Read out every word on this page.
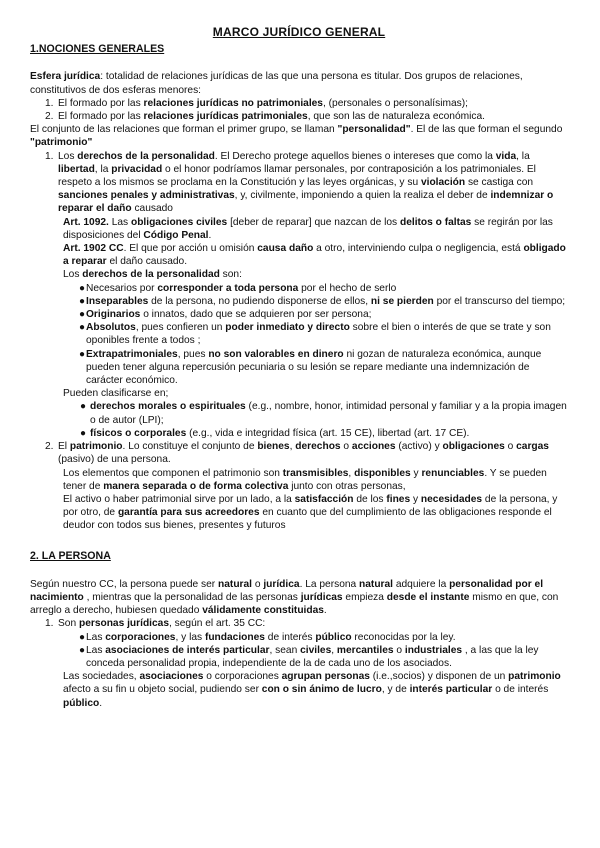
MARCO JURÍDICO GENERAL

1.NOCIONES GENERALES

Esfera jurídica: totalidad de relaciones jurídicas de las que una persona es titular. Dos grupos de relaciones, constitutivos de dos esferas menores:

1. El formado por las relaciones jurídicas no patrimoniales, (personales o personalísimas);
2. El formado por las relaciones jurídicas patrimoniales, que son las de naturaleza económica.

El conjunto de las relaciones que forman el primer grupo, se llaman "personalidad". El de las que forman el segundo "patrimonio"

1. Los derechos de la personalidad. El Derecho protege aquellos bienes o intereses que como la vida, la libertad, la privacidad o el honor podríamos llamar personales, por contraposición a los patrimoniales. El respeto a los mismos se proclama en la Constitución y las leyes orgánicas, y su violación se castiga con sanciones penales y administrativas, y, civilmente, imponiendo a quien la realiza el deber de indemnizar o reparar el daño causado

Art. 1092. Las obligaciones civiles [deber de reparar] que nazcan de los delitos o faltas se regirán por las disposiciones del Código Penal.

Art. 1902 CC. El que por acción u omisión causa daño a otro, interviniendo culpa o negligencia, está obligado a reparar el daño causado.

Los derechos de la personalidad son:

● Necesarios por corresponder a toda persona por el hecho de serlo
● Inseparables de la persona, no pudiendo disponerse de ellos, ni se pierden por el transcurso del tiempo;
● Originarios o innatos, dado que se adquieren por ser persona;
● Absolutos, pues confieren un poder inmediato y directo sobre el bien o interés de que se trate y son oponibles frente a todos ;
● Extrapatrimoniales, pues no son valorables en dinero ni gozan de naturaleza económica, aunque pueden tener alguna repercusión pecuniaria o su lesión se repare mediante una indemnización de carácter económico.

Pueden clasificarse en;

● derechos morales o espirituales (e.g., nombre, honor, intimidad personal y familiar y a la propia imagen o de autor (LPI);
● físicos o corporales (e.g., vida e integridad física (art. 15 CE), libertad (art. 17 CE).
2. El patrimonio. Lo constituye el conjunto de bienes, derechos o acciones (activo) y obligaciones o cargas (pasivo) de una persona.

Los elementos que componen el patrimonio son transmisibles, disponibles y renunciables. Y se pueden tener de manera separada o de forma colectiva junto con otras personas,

El activo o haber patrimonial sirve por un lado, a la satisfacción de los fines y necesidades de la persona, y por otro, de garantía para sus acreedores en cuanto que del cumplimiento de las obligaciones responde el deudor con todos sus bienes, presentes y futuros

2. LA PERSONA

Según nuestro CC, la persona puede ser natural o jurídica. La persona natural adquiere la personalidad por el nacimiento , mientras que la personalidad de las personas jurídicas empieza desde el instante mismo en que, con arreglo a derecho, hubiesen quedado válidamente constituidas.

1. Son personas jurídicas, según el art. 35 CC:
● Las corporaciones, y las fundaciones de interés público reconocidas por la ley.
● Las asociaciones de interés particular, sean civiles, mercantiles o industriales , a las que la ley conceda personalidad propia, independiente de la de cada uno de los asociados.

Las sociedades, asociaciones o corporaciones agrupan personas (i.e.,socios) y disponen de un patrimonio afecto a su fin u objeto social, pudiendo ser con o sin ánimo de lucro, y de interés particular o de interés público.
